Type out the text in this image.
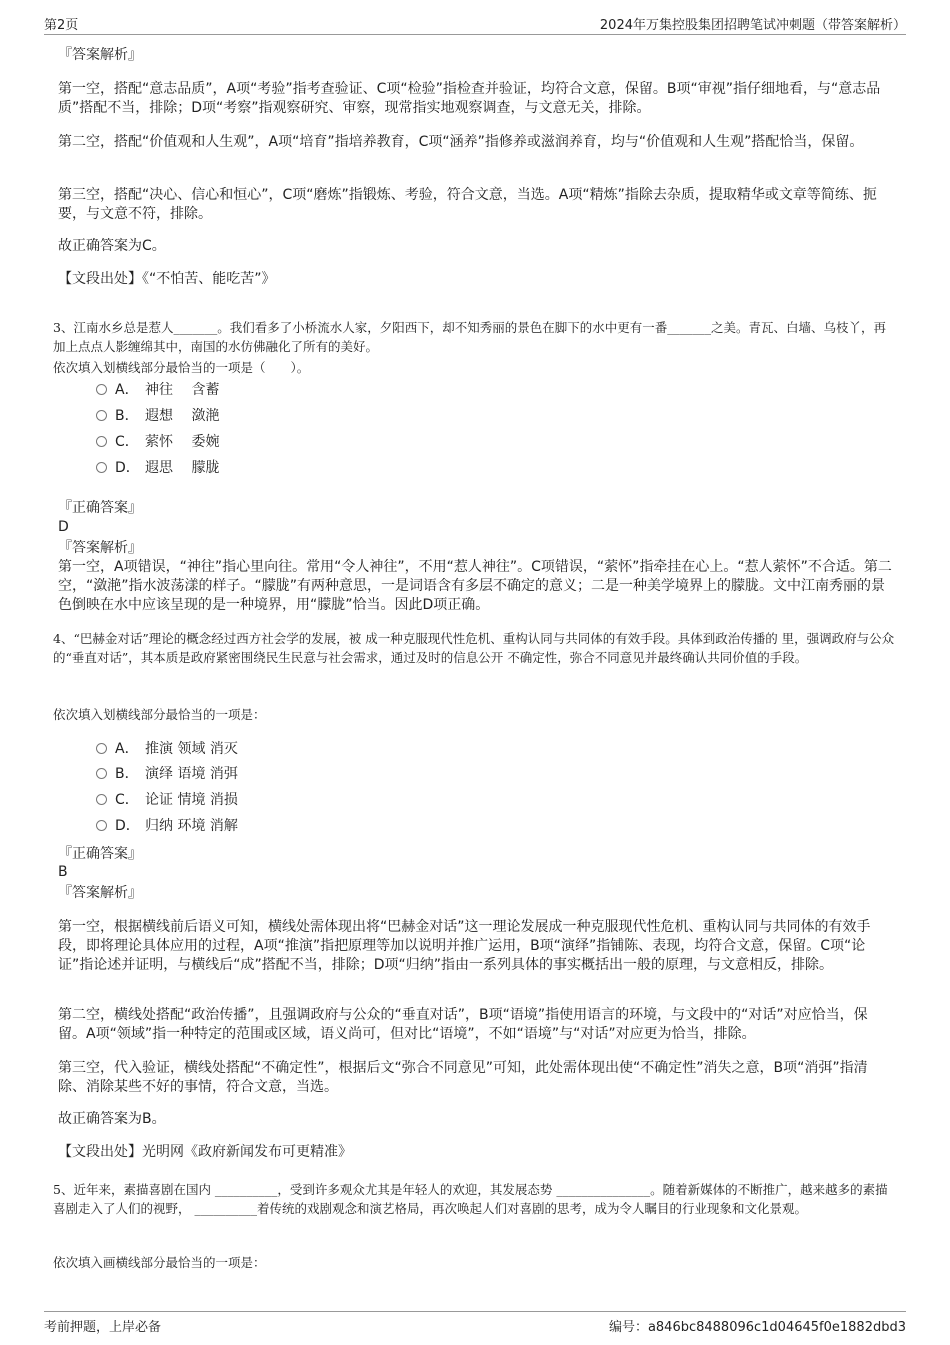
第2页	2024年万集控股集团招聘笔试冲刺题（带答案解析）
『答案解析』
第一空，搭配“意志品质”，A项“考验”指考查验证、C项“检验”指检查并验证，均符合文意，保留。B项“审视”指仔细地看，与“意志品质”搭配不当，排除；D项“考察”指观察研究、审察，现常指实地观察调查，与文意无关，排除。
第二空，搭配“价值观和人生观”，A项“培育”指培养教育，C项“涵养”指修养或滋润养育，均与“价值观和人生观”搭配恰当，保留。
第三空，搭配“决心、信心和恒心”，C项“磨炼”指锻炼、考验，符合文意，当选。A项“精炼”指除去杂质，提取精华或文章等简练、扼要，与文意不符，排除。
故正确答案为C。
【文段出处】《“不怕苦、能吃苦”》
3、江南水乡总是惹人_______。我们看多了小桥流水人家，夕阳西下，却不知秀丽的景色在脚下的水中更有一番_______之美。青瓦、白墙、乌枝丫，再加上点点人影缠绵其中，南国的水仿佛融化了所有的美好。
依次填入划横线部分最恰当的一项是（　　）。
A． 神往　 含蓄
B． 遐想　 潋滟
C． 萦怀　 委婉
D． 遐思　 朦胧
『正确答案』
D
『答案解析』
第一空，A项错误，“神往”指心里向往。常用“令人神往”，不用“惹人神往”。C项错误，“萦怀”指牵挂在心上。“惹人萦怀”不合适。第二空，“潋滟”指水波荡漾的样子。“朦胧”有两种意思，一是词语含有多层不确定的意义；二是一种美学境界上的朦胧。文中江南秀丽的景色倒映在水中应该呈现的是一种境界，用“朦胧”恰当。因此D项正确。
4、“巴赫金对话”理论的概念经过西方社会学的发展，被 成一种克服现代性危机、重构认同与共同体的有效手段。具体到政治传播的 里，强调政府与公众的“垂直对话”，其本质是政府紧密围绕民生民意与社会需求，通过及时的信息公开 不确定性，弥合不同意见并最终确认共同价值的手段。
依次填入划横线部分最恰当的一项是：
A． 推演 领域 消灭
B． 演绎 语境 消弭
C． 论证 情境 消损
D． 归纳 环境 消解
『正确答案』
B
『答案解析』
第一空，根据横线前后语义可知，横线处需体现出将“巴赫金对话”这一理论发展成一种克服现代性危机、重构认同与共同体的有效手段，即将理论具体应用的过程，A项“推演”指把原理等加以说明并推广运用，B项“演绎”指铺陈、表现，均符合文意，保留。C项“论证”指论述并证明，与横线后“成”搭配不当，排除；D项“归纳”指由一系列具体的事实概括出一般的原理，与文意相反，排除。
第二空，横线处搭配“政治传播”，且强调政府与公众的“垂直对话”，B项“语境”指使用语言的环境，与文段中的“对话”对应恰当，保留。A项“领域”指一种特定的范围或区域，语义尚可，但对比“语境”，不如“语境”与“对话”对应更为恰当，排除。
第三空，代入验证，横线处搭配“不确定性”，根据后文“弥合不同意见”可知，此处需体现出使“不确定性”消失之意，B项“消弭”指清除、消除某些不好的事情，符合文意，当选。
故正确答案为B。
【文段出处】光明网《政府新闻发布可更精准》
5、近年来，素描喜剧在国内 __________，受到许多观众尤其是年轻人的欢迎，其发展态势 _______________。随着新媒体的不断推广，越来越多的素描喜剧走入了人们的视野， __________着传统的戏剧观念和演艺格局，再次唤起人们对喜剧的思考，成为令人瞩目的行业现象和文化景观。
依次填入画横线部分最恰当的一项是：
考前押题，上岸必备	编号：a846bc8488096c1d04645f0e1882dbd3
